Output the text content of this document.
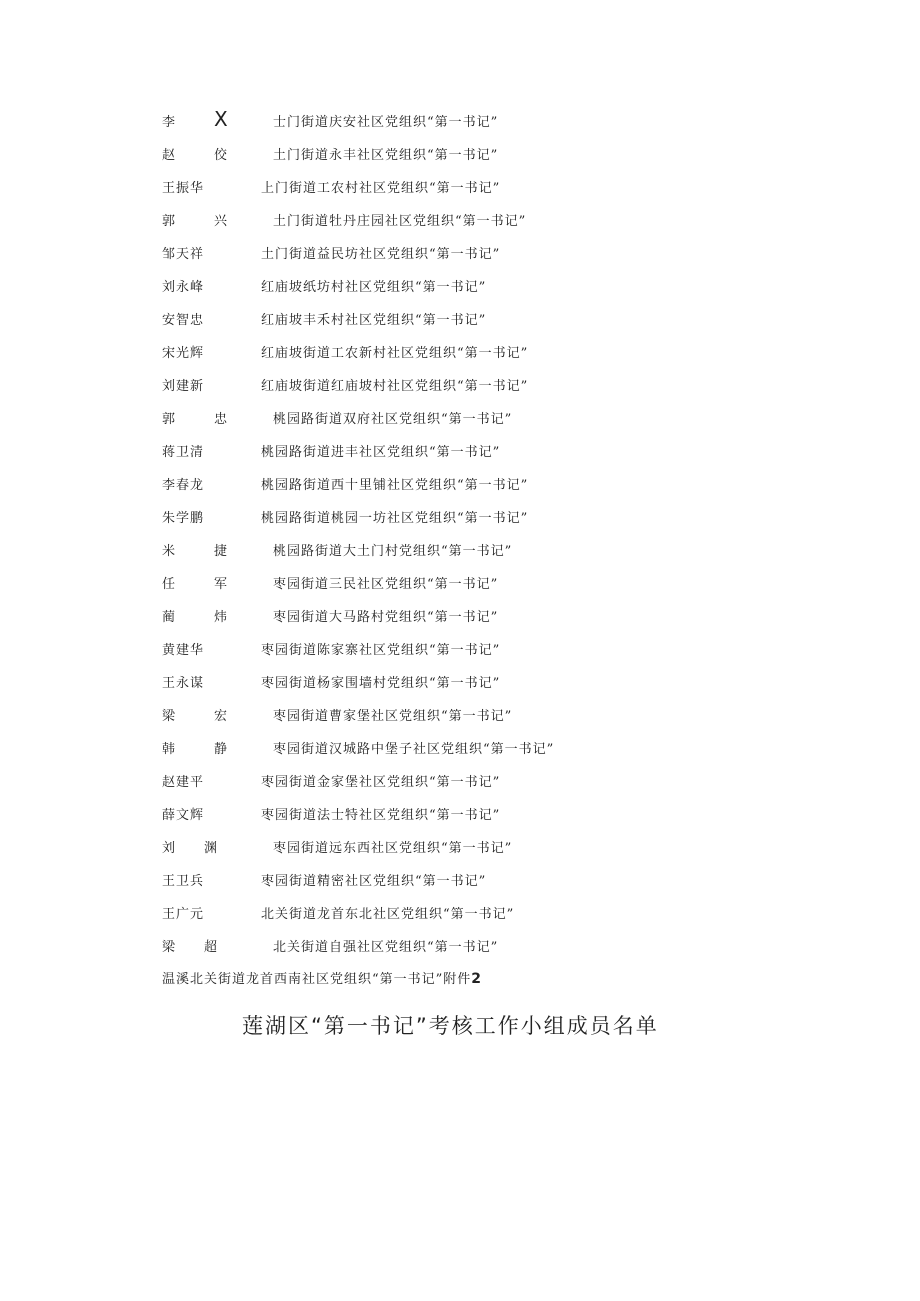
李 X	士门街道庆安社区党组织“第一书记”
赵	佼	土门街道永丰社区党组织“第一书记”
王振华	上门街道工农村社区党组织“第一书记”
郭	兴	土门街道牡丹庄园社区党组织“第一书记”
邹天祥	土门街道益民坊社区党组织“第一书记”
刘永峰	红庙坡纸坊村社区党组织“第一书记”
安智忠	红庙坡丰禾村社区党组织“第一书记”
宋光辉	红庙坡街道工农新村社区党组织“第一书记”
刘建新	红庙坡街道红庙坡村社区党组织“第一书记”
郭	忠	桃园路街道双府社区党组织“第一书记”
蒋卫清	桃园路街道进丰社区党组织“第一书记”
李春龙	桃园路街道西十里铺社区党组织“第一书记”
朱学鹏	桃园路街道桃园一坊社区党组织“第一书记”
米	捷	桃园路街道大土门村党组织“第一书记”
任	军	枣园街道三民社区党组织“第一书记”
蔺	炜	枣园街道大马路村党组织“第一书记”
黄建华	枣园街道陈家寨社区党组织“第一书记”
王永谋	枣园街道杨家围墙村党组织“第一书记”
梁	宏	枣园街道曹家堡社区党组织“第一书记”
韩	静	枣园街道汉城路中堡子社区党组织“第一书记”
赵建平	枣园街道金家堡社区党组织“第一书记”
薛文辉	枣园街道法士特社区党组织“第一书记”
刘 渊	枣园街道远东西社区党组织“第一书记”
王卫兵	枣园街道精密社区党组织“第一书记”
王广元	北关街道龙首东北社区党组织“第一书记”
梁 超	北关街道自强社区党组织“第一书记”
温溪北关街道龙首西南社区党组织“第一书记”附件2
莲湖区“第一书记”考核工作小组成员名单
